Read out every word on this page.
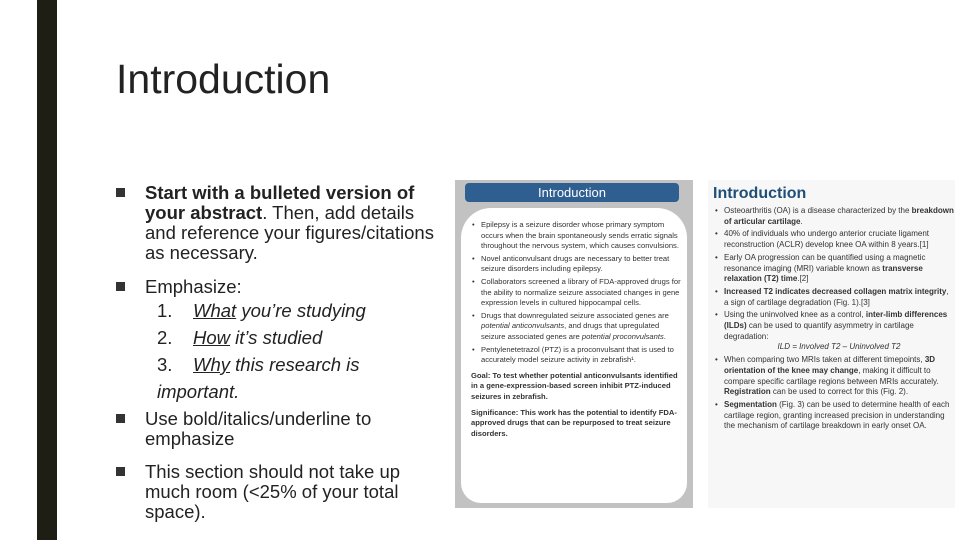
Introduction
Start with a bulleted version of your abstract. Then, add details and reference your figures/citations as necessary.
Emphasize:
1. What you’re studying
2. How it’s studied
3. Why this research is important.
Use bold/italics/underline to emphasize
This section should not take up much room (<25% of your total space).
Introduction
• Epilepsy is a seizure disorder whose primary symptom occurs when the brain spontaneously sends erratic signals throughout the nervous system, which causes convulsions.
• Novel anticonvulsant drugs are necessary to better treat seizure disorders including epilepsy.
• Collaborators screened a library of FDA-approved drugs for the ability to normalize seizure associated changes in gene expression levels in cultured hippocampal cells.
• Drugs that downregulated seizure associated genes are potential anticonvulsants, and drugs that upregulated seizure associated genes are potential proconvulsants.
• Pentylenetetrazol (PTZ) is a proconvulsant that is used to accurately model seizure activity in zebrafish¹.
Goal: To test whether potential anticonvulsants identified in a gene-expression-based screen inhibit PTZ-induced seizures in zebrafish.
Significance: This work has the potential to identify FDA-approved drugs that can be repurposed to treat seizure disorders.
Introduction
• Osteoarthritis (OA) is a disease characterized by the breakdown of articular cartilage.
• 40% of individuals who undergo anterior cruciate ligament reconstruction (ACLR) develop knee OA within 8 years.[1]
• Early OA progression can be quantified using a magnetic resonance imaging (MRI) variable known as transverse relaxation (T2) time.[2]
• Increased T2 indicates decreased collagen matrix integrity, a sign of cartilage degradation (Fig. 1).[3]
• Using the uninvolved knee as a control, inter-limb differences (ILDs) can be used to quantify asymmetry in cartilage degradation:
ILD = Involved T2 – Uninvolved T2
• When comparing two MRIs taken at different timepoints, 3D orientation of the knee may change, making it difficult to compare specific cartilage regions between MRIs accurately. Registration can be used to correct for this (Fig. 2).
• Segmentation (Fig. 3) can be used to determine health of each cartilage region, granting increased precision in understanding the mechanism of cartilage breakdown in early onset OA.
